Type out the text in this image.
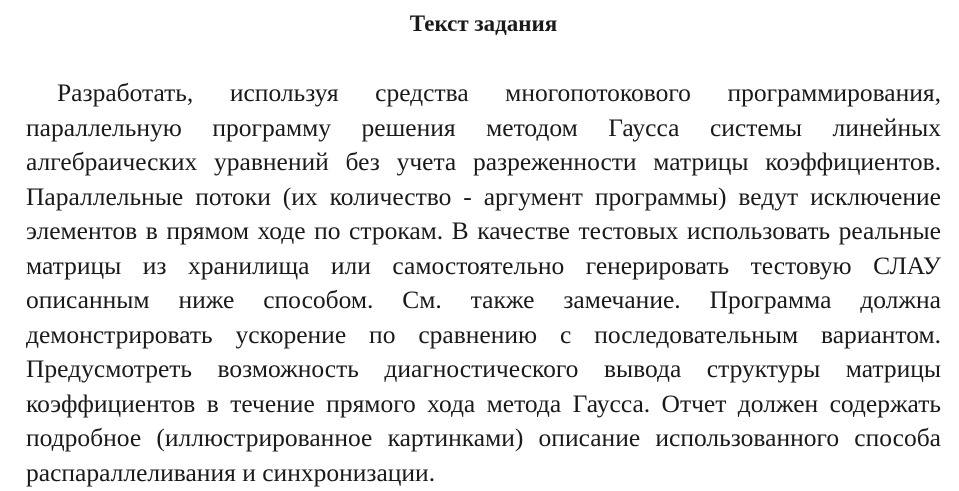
Текст задания

Разработать, используя средства многопотокового программирования, параллельную программу решения методом Гаусса системы линейных алгебраических уравнений без учета разреженности матрицы коэффициентов. Параллельные потоки (их количество - аргумент программы) ведут исключение элементов в прямом ходе по строкам. В качестве тестовых использовать реальные матрицы из хранилища или самостоятельно генерировать тестовую СЛАУ описанным ниже способом. См. также замечание. Программа должна демонстрировать ускорение по сравнению с последовательным вариантом. Предусмотреть возможность диагностического вывода структуры матрицы коэффициентов в течение прямого хода метода Гаусса. Отчет должен содержать подробное (иллюстрированное картинками) описание использованного способа распараллеливания и синхронизации.
